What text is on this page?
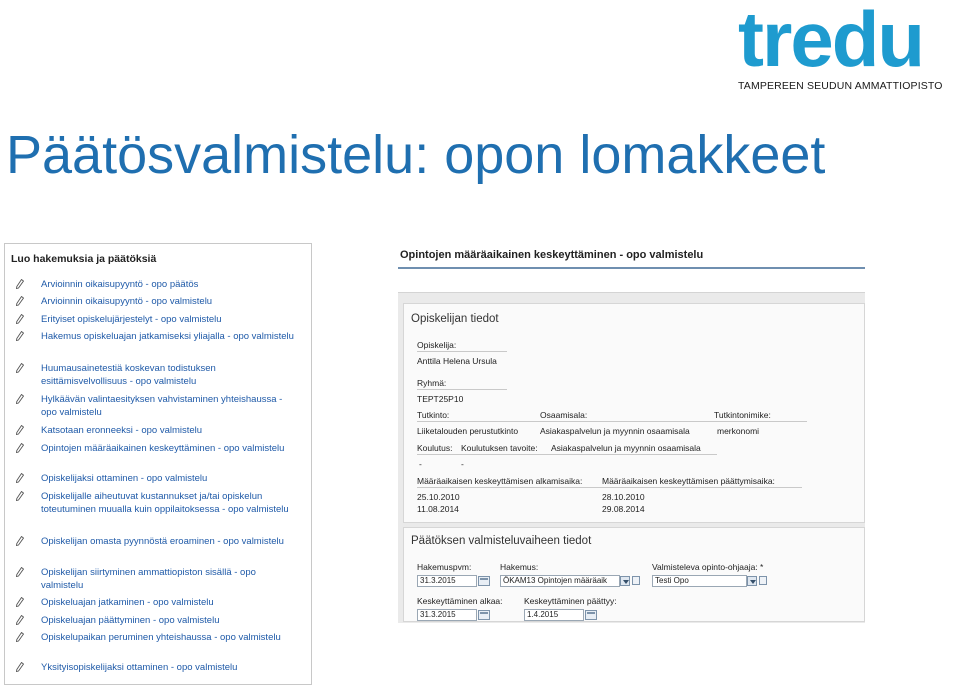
tredu
TAMPEREEN SEUDUN AMMATTIOPISTO
Päätösvalmistelu: opon lomakkeet
Luo hakemuksia ja päätöksiä
Arvioinnin oikaisupyyntö - opo päätös
Arvioinnin oikaisupyyntö - opo valmistelu
Erityiset opiskelujärjestelyt - opo valmistelu
Hakemus opiskeluajan jatkamiseksi yliajalla - opo valmistelu
Huumausainetestiä koskevan todistuksen esittämisvelvollisuus - opo valmistelu
Hylkäävän valintaesityksen vahvistaminen yhteishaussa - opo valmistelu
Katsotaan eronneeksi - opo valmistelu
Opintojen määräaikainen keskeyttäminen - opo valmistelu
Opiskelijaksi ottaminen - opo valmistelu
Opiskelijalle aiheutuvat kustannukset ja/tai opiskelun toteutuminen muualla kuin oppilaitoksessa - opo valmistelu
Opiskelijan omasta pyynnöstä eroaminen - opo valmistelu
Opiskelijan siirtyminen ammattiopiston sisällä - opo valmistelu
Opiskeluajan jatkaminen - opo valmistelu
Opiskeluajan päättyminen - opo valmistelu
Opiskelupaikan peruminen yhteishaussa - opo valmistelu
Yksityisopiskelijaksi ottaminen - opo valmistelu
Opintojen määräaikainen keskeyttäminen - opo valmistelu
Opiskelijan tiedot
Opiskelija:
Anttila Helena Ursula
Ryhmä:
TEPT25P10
Tutkinto:	Osaamisala:	Tutkintonimike:
Liiketalouden perustutkinto	Asiakaspalvelun ja myynnin osaamisala	merkonomi
Koulutus: Koulutuksen tavoite: Asiakaspalvelun ja myynnin osaamisala
-	-
Määräaikaisen keskeyttämisen alkamisaika: Määräaikaisen keskeyttämisen päättymisaika:
25.10.2010	28.10.2010
11.08.2014	29.08.2014
Päätöksen valmisteluvaiheen tiedot
Hakemuspvm:	Hakemus:	Valmisteleva opinto-ohjaaja: *
31.3.2015	ÖKAM13 Opintojen määräaik	Testi Opo
Keskeyttäminen alkaa:	Keskeyttäminen päättyy:
31.3.2015	1.4.2015
